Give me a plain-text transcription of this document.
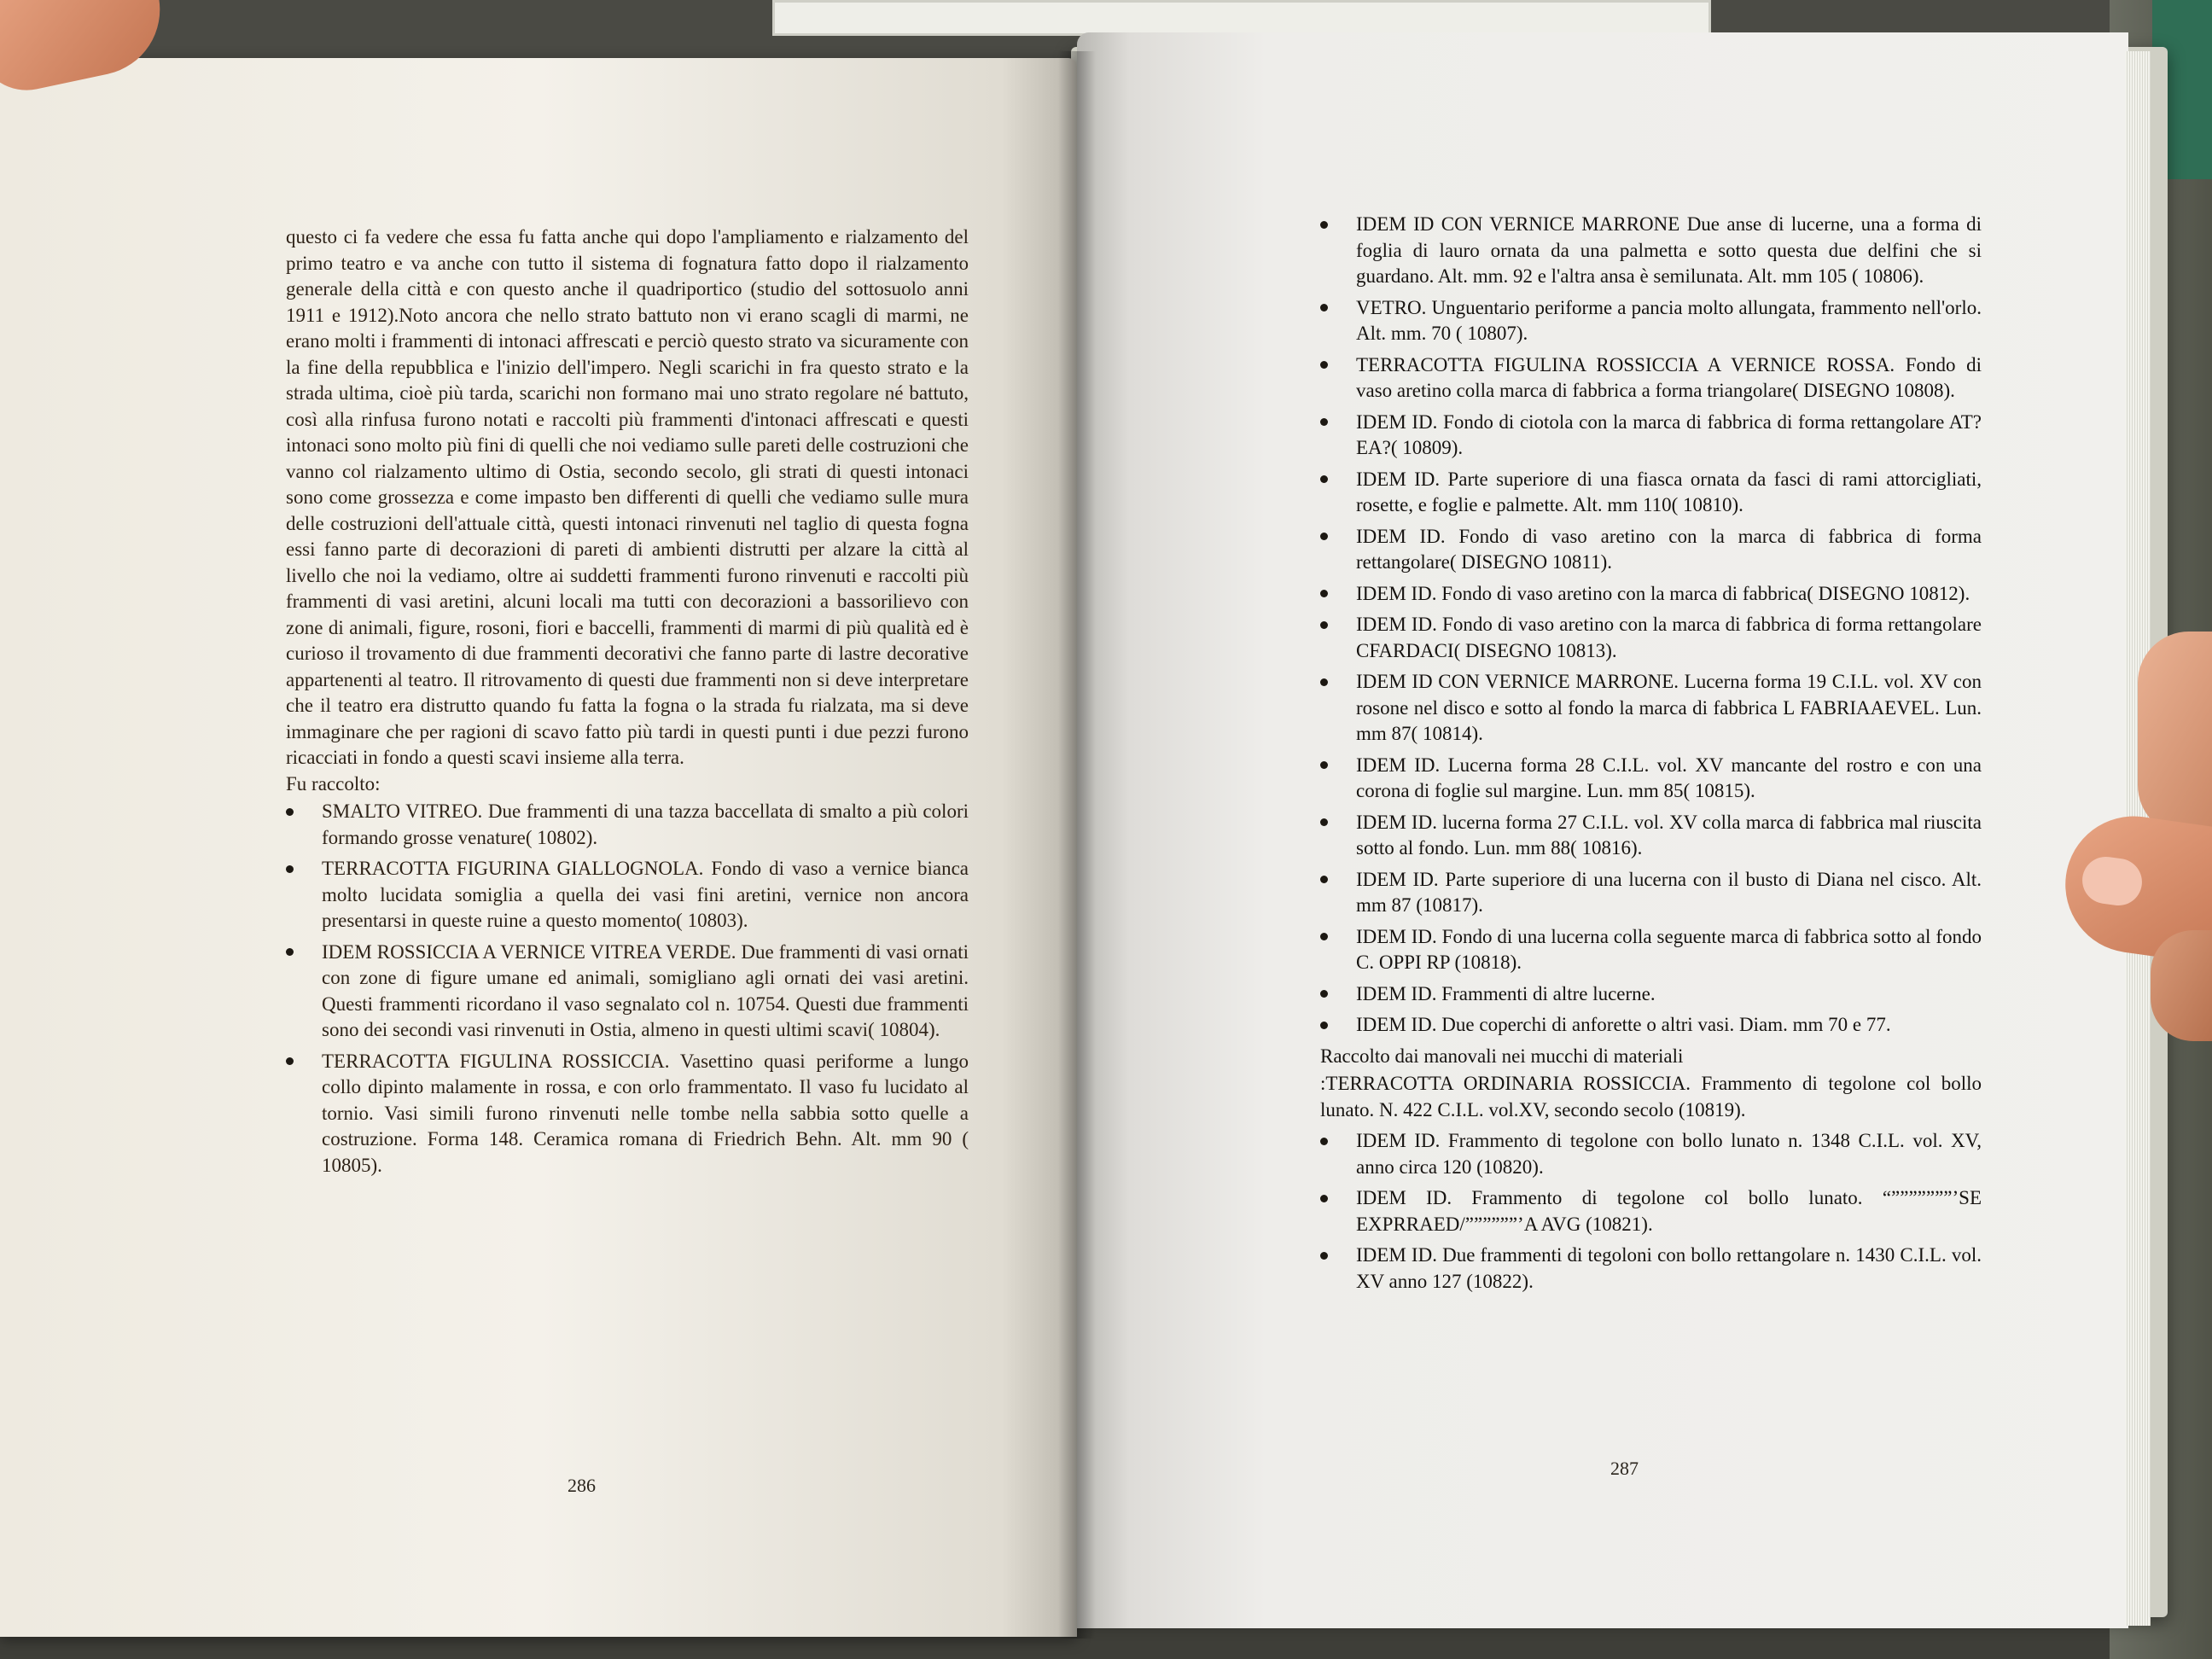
questo ci fa vedere che essa fu fatta anche qui dopo l'ampliamento e rialzamento del primo teatro e va anche con tutto il sistema di fognatura fatto dopo il rialzamento generale della città e con questo anche il quadriportico (studio del sottosuolo anni 1911 e 1912).Noto ancora che nello strato battuto non vi erano scagli di marmi, ne erano molti i frammenti di intonaci affrescati e perciò questo strato va sicuramente con la fine della repubblica e l'inizio dell'impero. Negli scarichi in fra questo strato e la strada ultima, cioè più tarda, scarichi non formano mai uno strato regolare né battuto, così alla rinfusa furono notati e raccolti più frammenti d'intonaci affrescati e questi intonaci sono molto più fini di quelli che noi vediamo sulle pareti delle costruzioni che vanno col rialzamento ultimo di Ostia, secondo secolo, gli strati di questi intonaci sono come grossezza e come impasto ben differenti di quelli che vediamo sulle mura delle costruzioni dell'attuale città, questi intonaci rinvenuti nel taglio di questa fogna essi fanno parte di decorazioni di pareti di ambienti distrutti per alzare la città al livello che noi la vediamo, oltre ai suddetti frammenti furono rinvenuti e raccolti più frammenti di vasi aretini, alcuni locali ma tutti con decorazioni a bassorilievo con zone di animali, figure, rosoni, fiori e baccelli, frammenti di marmi di più qualità ed è curioso il trovamento di due frammenti decorativi che fanno parte di lastre decorative appartenenti al teatro. Il ritrovamento di questi due frammenti non si deve interpretare che il teatro era distrutto quando fu fatta la fogna o la strada fu rialzata, ma si deve immaginare che per ragioni di scavo fatto più tardi in questi punti i due pezzi furono ricacciati in fondo a questi scavi insieme alla terra.

Fu raccolto:

SMALTO VITREO. Due frammenti di una tazza baccellata di smalto a più colori formando grosse venature( 10802).
TERRACOTTA FIGURINA GIALLOGNOLA. Fondo di vaso a vernice bianca molto lucidata somiglia a quella dei vasi fini aretini, vernice non ancora presentarsi in queste ruine a questo momento( 10803).
IDEM ROSSICCIA A VERNICE VITREA VERDE. Due frammenti di vasi ornati con zone di figure umane ed animali, somigliano agli ornati dei vasi aretini. Questi frammenti ricordano il vaso segnalato col n. 10754. Questi due frammenti sono dei secondi vasi rinvenuti in Ostia, almeno in questi ultimi scavi( 10804).
TERRACOTTA FIGULINA ROSSICCIA. Vasettino quasi periforme a lungo collo dipinto malamente in rossa, e con orlo frammentato. Il vaso fu lucidato al tornio. Vasi simili furono rinvenuti nelle tombe nella sabbia sotto quelle a costruzione. Forma 148. Ceramica romana di Friedrich Behn. Alt. mm 90 ( 10805).
286
IDEM ID CON VERNICE MARRONE Due anse di lucerne, una a forma di foglia di lauro ornata da una palmetta e sotto questa due delfini che si guardano. Alt. mm. 92 e l'altra ansa è semilunata. Alt. mm 105 ( 10806).
VETRO. Unguentario periforme a pancia molto allungata, frammento nell'orlo. Alt. mm. 70 ( 10807).
TERRACOTTA FIGULINA ROSSICCIA A VERNICE ROSSA. Fondo di vaso aretino colla marca di fabbrica a forma triangolare( DISEGNO 10808).
IDEM ID. Fondo di ciotola con la marca di fabbrica di forma rettangolare AT?EA?( 10809).
IDEM ID. Parte superiore di una fiasca ornata da fasci di rami attorcigliati, rosette, e foglie e palmette. Alt. mm 110( 10810).
IDEM ID. Fondo di vaso aretino con la marca di fabbrica di forma rettangolare( DISEGNO 10811).
IDEM ID. Fondo di vaso aretino con la marca di fabbrica( DISEGNO 10812).
IDEM ID. Fondo di vaso aretino con la marca di fabbrica di forma rettangolare CFARDACI( DISEGNO 10813).
IDEM ID CON VERNICE MARRONE. Lucerna forma 19 C.I.L. vol. XV con rosone nel disco e sotto al fondo la marca di fabbrica L FABRIAAEVEL. Lun. mm 87( 10814).
IDEM ID. Lucerna forma 28 C.I.L. vol. XV mancante del rostro e con una corona di foglie sul margine. Lun. mm 85( 10815).
IDEM ID. lucerna forma 27 C.I.L. vol. XV colla marca di fabbrica mal riuscita sotto al fondo. Lun. mm 88( 10816).
IDEM ID. Parte superiore di una lucerna con il busto di Diana nel cisco. Alt. mm 87 (10817).
IDEM ID. Fondo di una lucerna colla seguente marca di fabbrica sotto al fondo C. OPPI RP (10818).
IDEM ID. Frammenti di altre lucerne.
IDEM ID. Due coperchi di anforette o altri vasi. Diam. mm 70 e 77.

Raccolto dai manovali nei mucchi di materiali

:TERRACOTTA ORDINARIA ROSSICCIA. Frammento di tegolone col bollo lunato. N. 422 C.I.L. vol.XV, secondo secolo (10819).

IDEM ID. Frammento di tegolone con bollo lunato n. 1348 C.I.L. vol. XV, anno circa 120 (10820).
IDEM ID. Frammento di tegolone col bollo lunato. “”””””””’SE EXPRRAED/””””””’A AVG (10821).
IDEM ID. Due frammenti di tegoloni con bollo rettangolare n. 1430 C.I.L. vol. XV anno 127 (10822).
287
